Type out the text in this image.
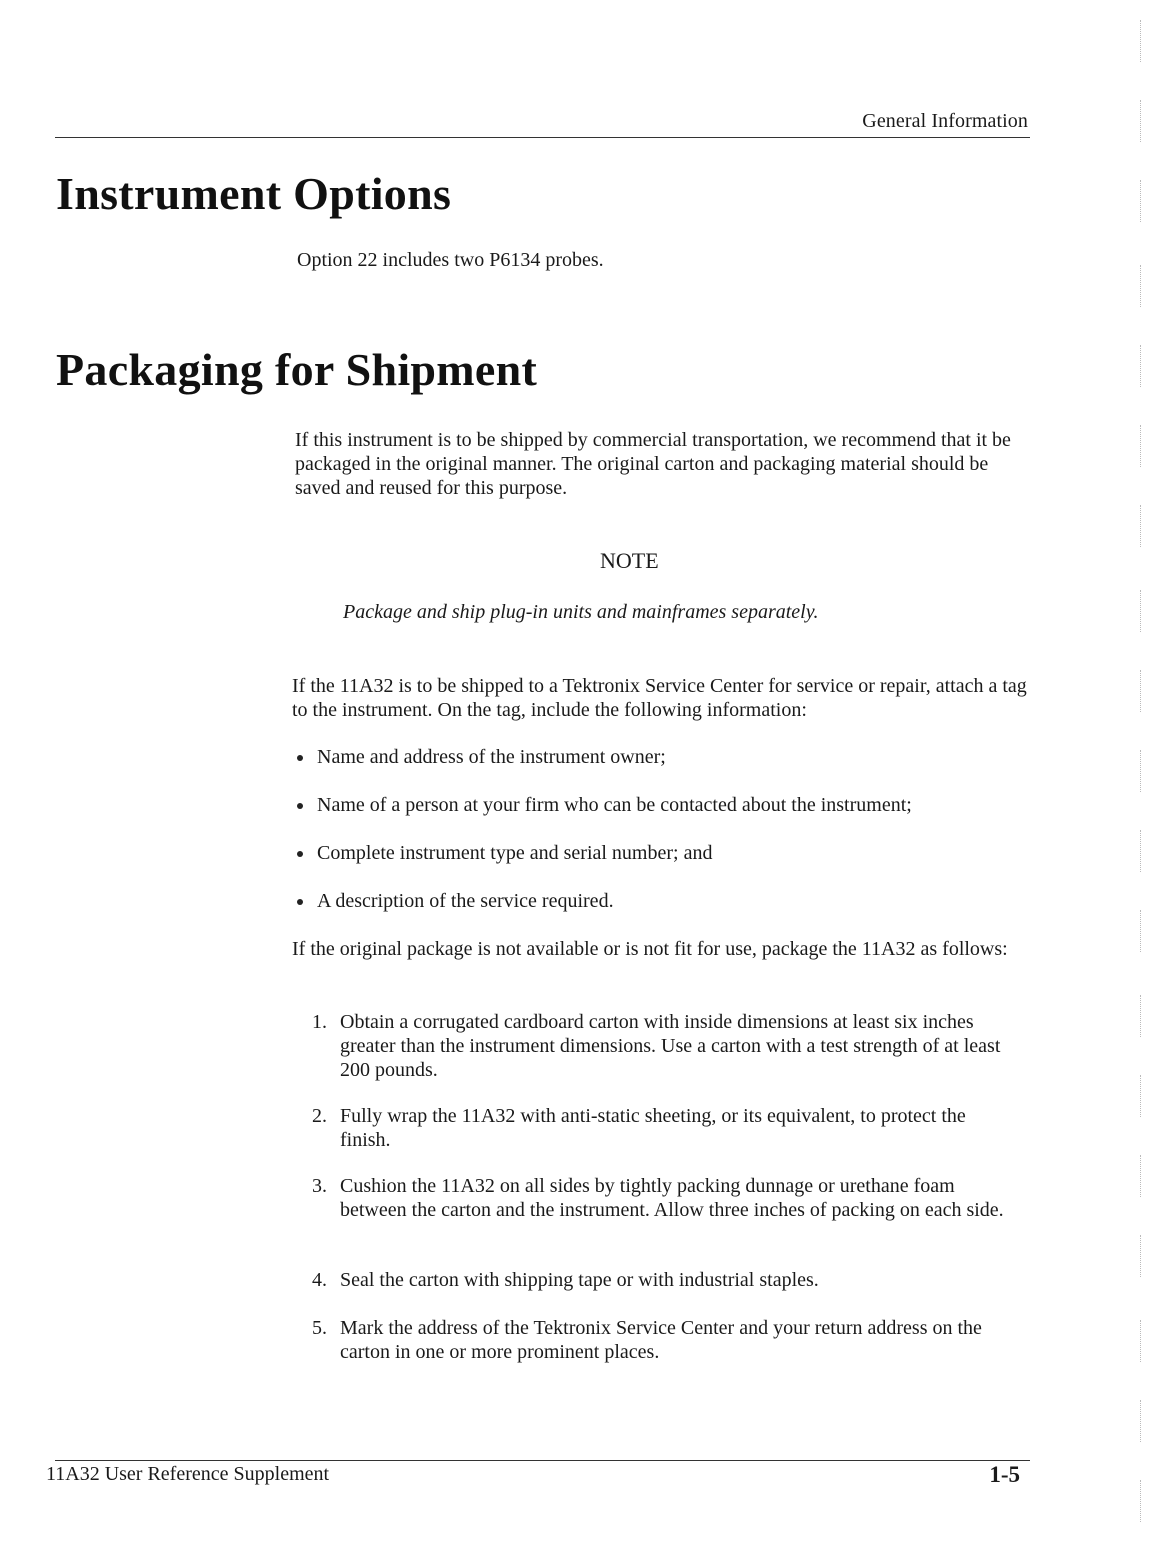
General Information
Instrument Options

Option 22 includes two P6134 probes.

Packaging for Shipment

If this instrument is to be shipped by commercial transportation, we recommend that it be packaged in the original manner. The original carton and packaging material should be saved and reused for this purpose.

NOTE
Package and ship plug-in units and mainframes separately.

If the 11A32 is to be shipped to a Tektronix Service Center for service or repair, attach a tag to the instrument. On the tag, include the following information:

Name and address of the instrument owner;
Name of a person at your firm who can be contacted about the instrument;
Complete instrument type and serial number; and
A description of the service required.

If the original package is not available or is not fit for use, package the 11A32 as follows:

1. Obtain a corrugated cardboard carton with inside dimensions at least six inches greater than the instrument dimensions. Use a carton with a test strength of at least 200 pounds.
2. Fully wrap the 11A32 with anti-static sheeting, or its equivalent, to protect the finish.
3. Cushion the 11A32 on all sides by tightly packing dunnage or urethane foam between the carton and the instrument. Allow three inches of packing on each side.
4. Seal the carton with shipping tape or with industrial staples.
5. Mark the address of the Tektronix Service Center and your return address on the carton in one or more prominent places.
11A32 User Reference Supplement	1-5
